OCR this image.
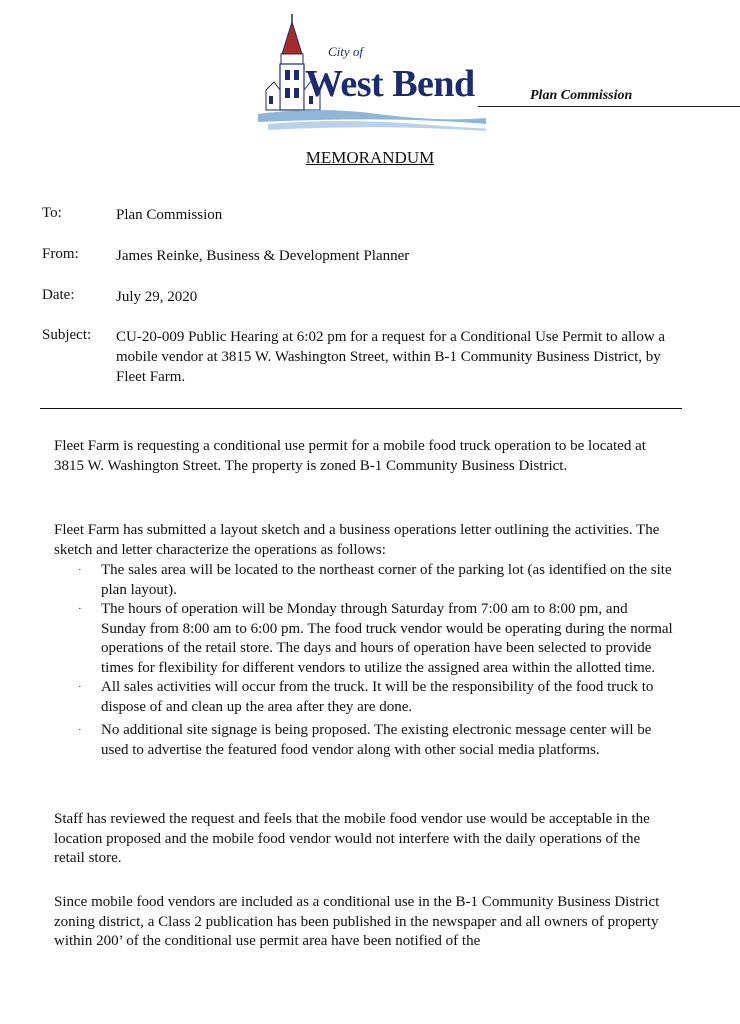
City of
West Bend	Plan Commission
MEMORANDUM
To:	Plan Commission
From: James Reinke, Business & Development Planner
Date:	July 29, 2020
Subject: CU-20-009 Public Hearing at 6:02 pm for a request for a Conditional Use Permit to allow a mobile vendor at 3815 W. Washington Street, within B-1 Community Business District, by Fleet Farm.

Fleet Farm is requesting a conditional use permit for a mobile food truck operation to be located at 3815 W. Washington Street. The property is zoned B-1 Community Business District.

Fleet Farm has submitted a layout sketch and a business operations letter outlining the activities. The sketch and letter characterize the operations as follows:

· The sales area will be located to the northeast corner of the parking lot (as identified on the site plan layout).
· The hours of operation will be Monday through Saturday from 7:00 am to 8:00 pm, and Sunday from 8:00 am to 6:00 pm. The food truck vendor would be operating during the normal operations of the retail store. The days and hours of operation have been selected to provide times for flexibility for different vendors to utilize the assigned area within the allotted time.
· All sales activities will occur from the truck. It will be the responsibility of the food truck to dispose of and clean up the area after they are done.
· No additional site signage is being proposed. The existing electronic message center will be used to advertise the featured food vendor along with other social media platforms.

Staff has reviewed the request and feels that the mobile food vendor use would be acceptable in the location proposed and the mobile food vendor would not interfere with the daily operations of the retail store.

Since mobile food vendors are included as a conditional use in the B-1 Community Business District zoning district, a Class 2 publication has been published in the newspaper and all owners of property within 200’ of the conditional use permit area have been notified of the
